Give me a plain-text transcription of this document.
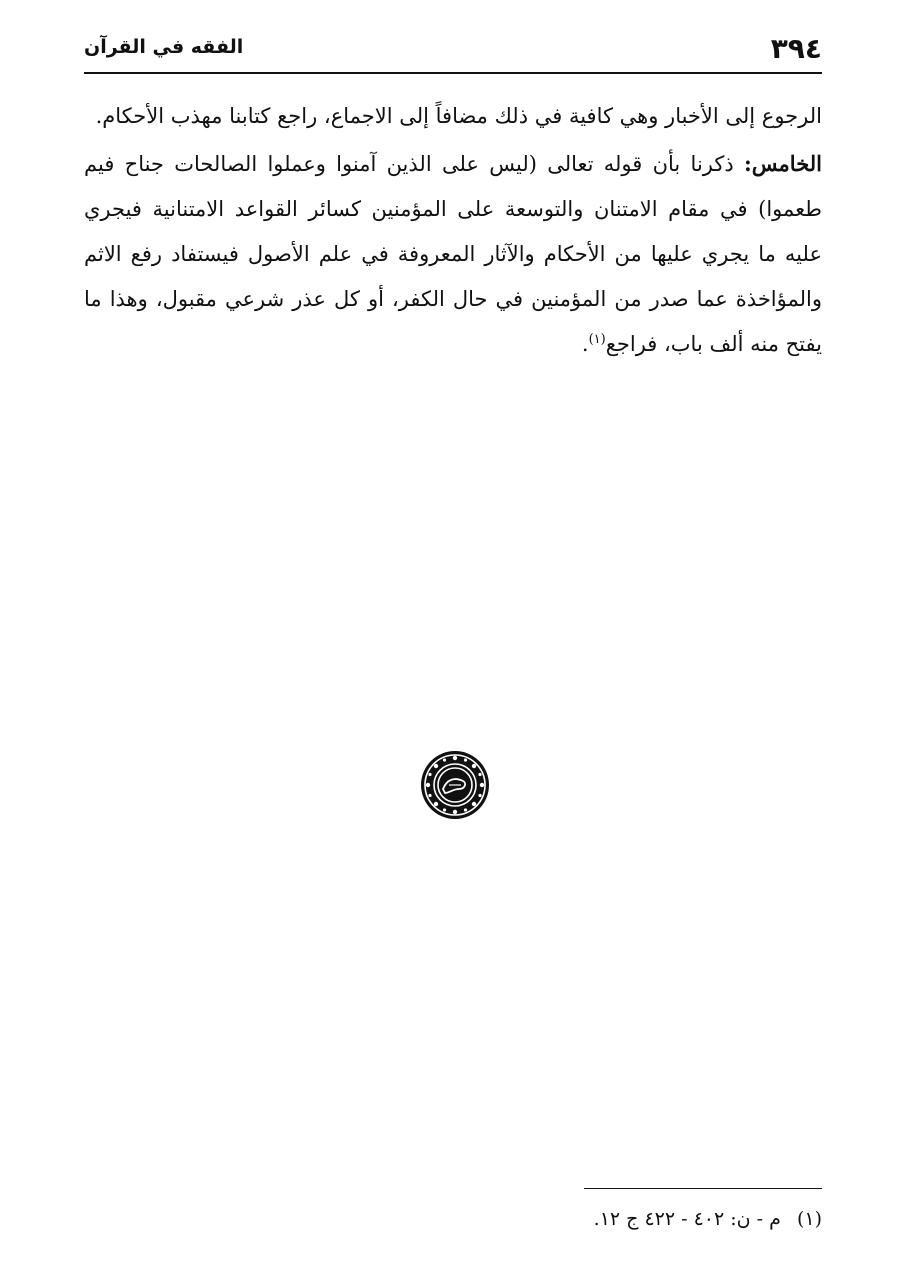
٣٩٤
الفقه في القرآن

الرجوع إلى الأخبار وهي كافية في ذلك مضافاً إلى الاجماع، راجع كتابنا مهذب الأحكام.

الخامس: ذكرنا بأن قوله تعالى (ليس على الذين آمنوا وعملوا الصالحات جناح فيم طعموا) في مقام الامتنان والتوسعة على المؤمنين كسائر القواعد الامتنانية فيجري عليه ما يجري عليها من الأحكام والآثار المعروفة في علم الأصول فيستفاد رفع الاثم والمؤاخذة عما صدر من المؤمنين في حال الكفر، أو كل عذر شرعي مقبول، وهذا ما يفتح منه ألف باب، فراجع$^{(١)}$.

(١) م - ن: ٤٠٢ - ٤٢٢ ج ١٢.
